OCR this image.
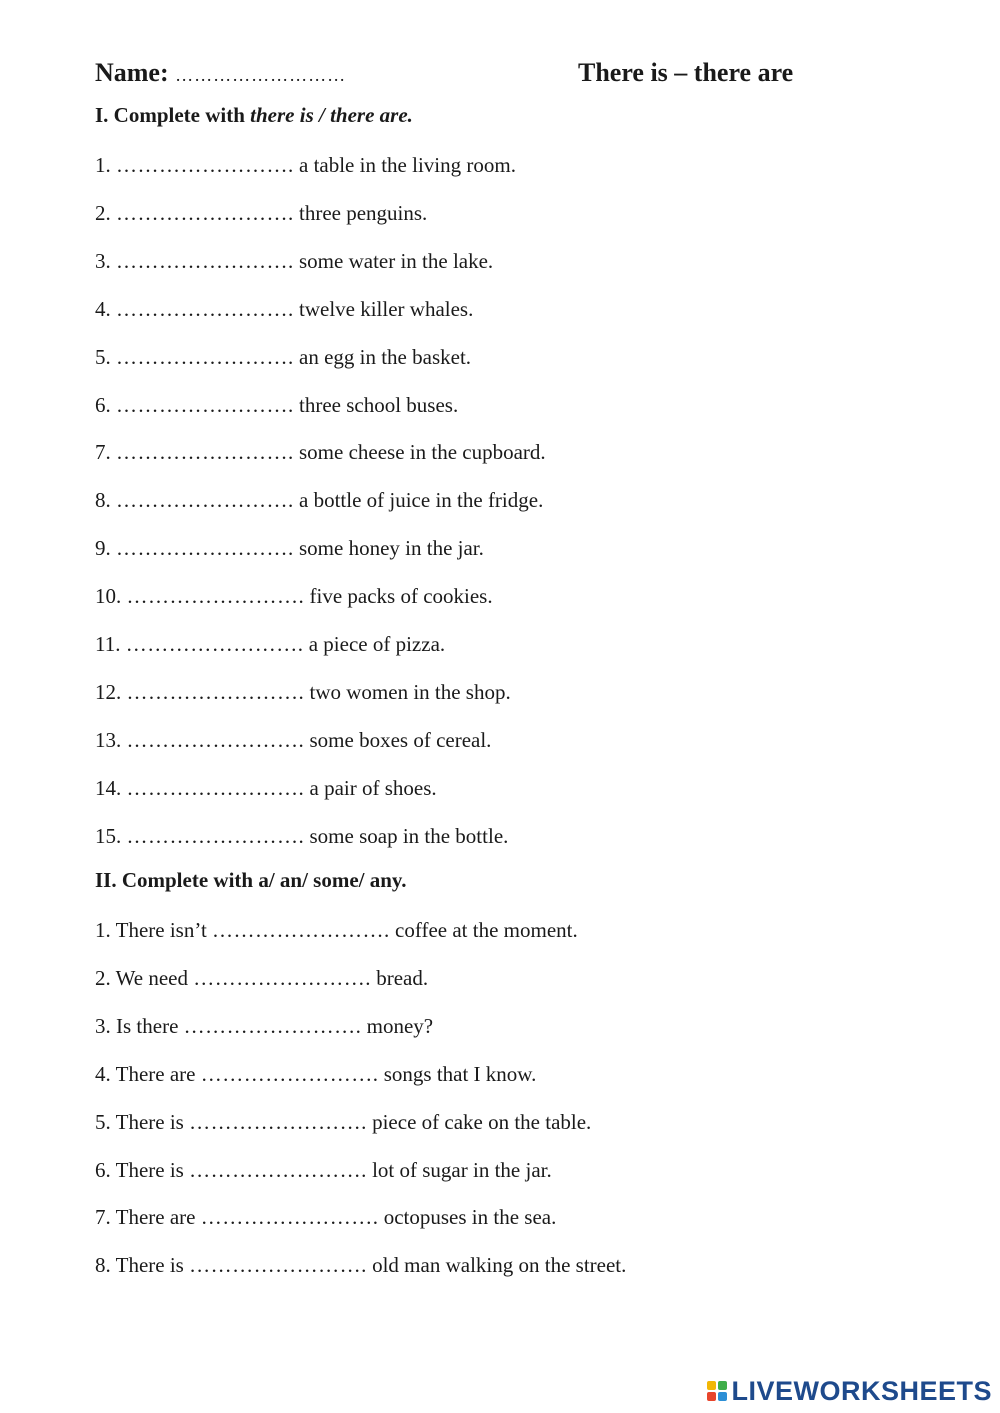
Name: ………………………	There is – there are
I. Complete with there is / there are.
1. ……………………. a table in the living room.
2. ……………………. three penguins.
3. ……………………. some water in the lake.
4. ……………………. twelve killer whales.
5. ……………………. an egg in the basket.
6. ……………………. three school buses.
7. ……………………. some cheese in the cupboard.
8. ……………………. a bottle of juice in the fridge.
9. ……………………. some honey in the jar.
10. ……………………. five packs of cookies.
11. ……………………. a piece of pizza.
12. ……………………. two women in the shop.
13. ……………………. some boxes of cereal.
14. ……………………. a pair of shoes.
15. ……………………. some soap in the bottle.
II. Complete with a/ an/ some/ any.
1. There isn’t ……………………. coffee at the moment.
2. We need ……………………. bread.
3. Is there ……………………. money?
4. There are ……………………. songs that I know.
5. There is ……………………. piece of cake on the table.
6. There is ……………………. lot of sugar in the jar.
7. There are ……………………. octopuses in the sea.
8. There is ……………………. old man walking on the street.
LIVEWORKSHEETS
